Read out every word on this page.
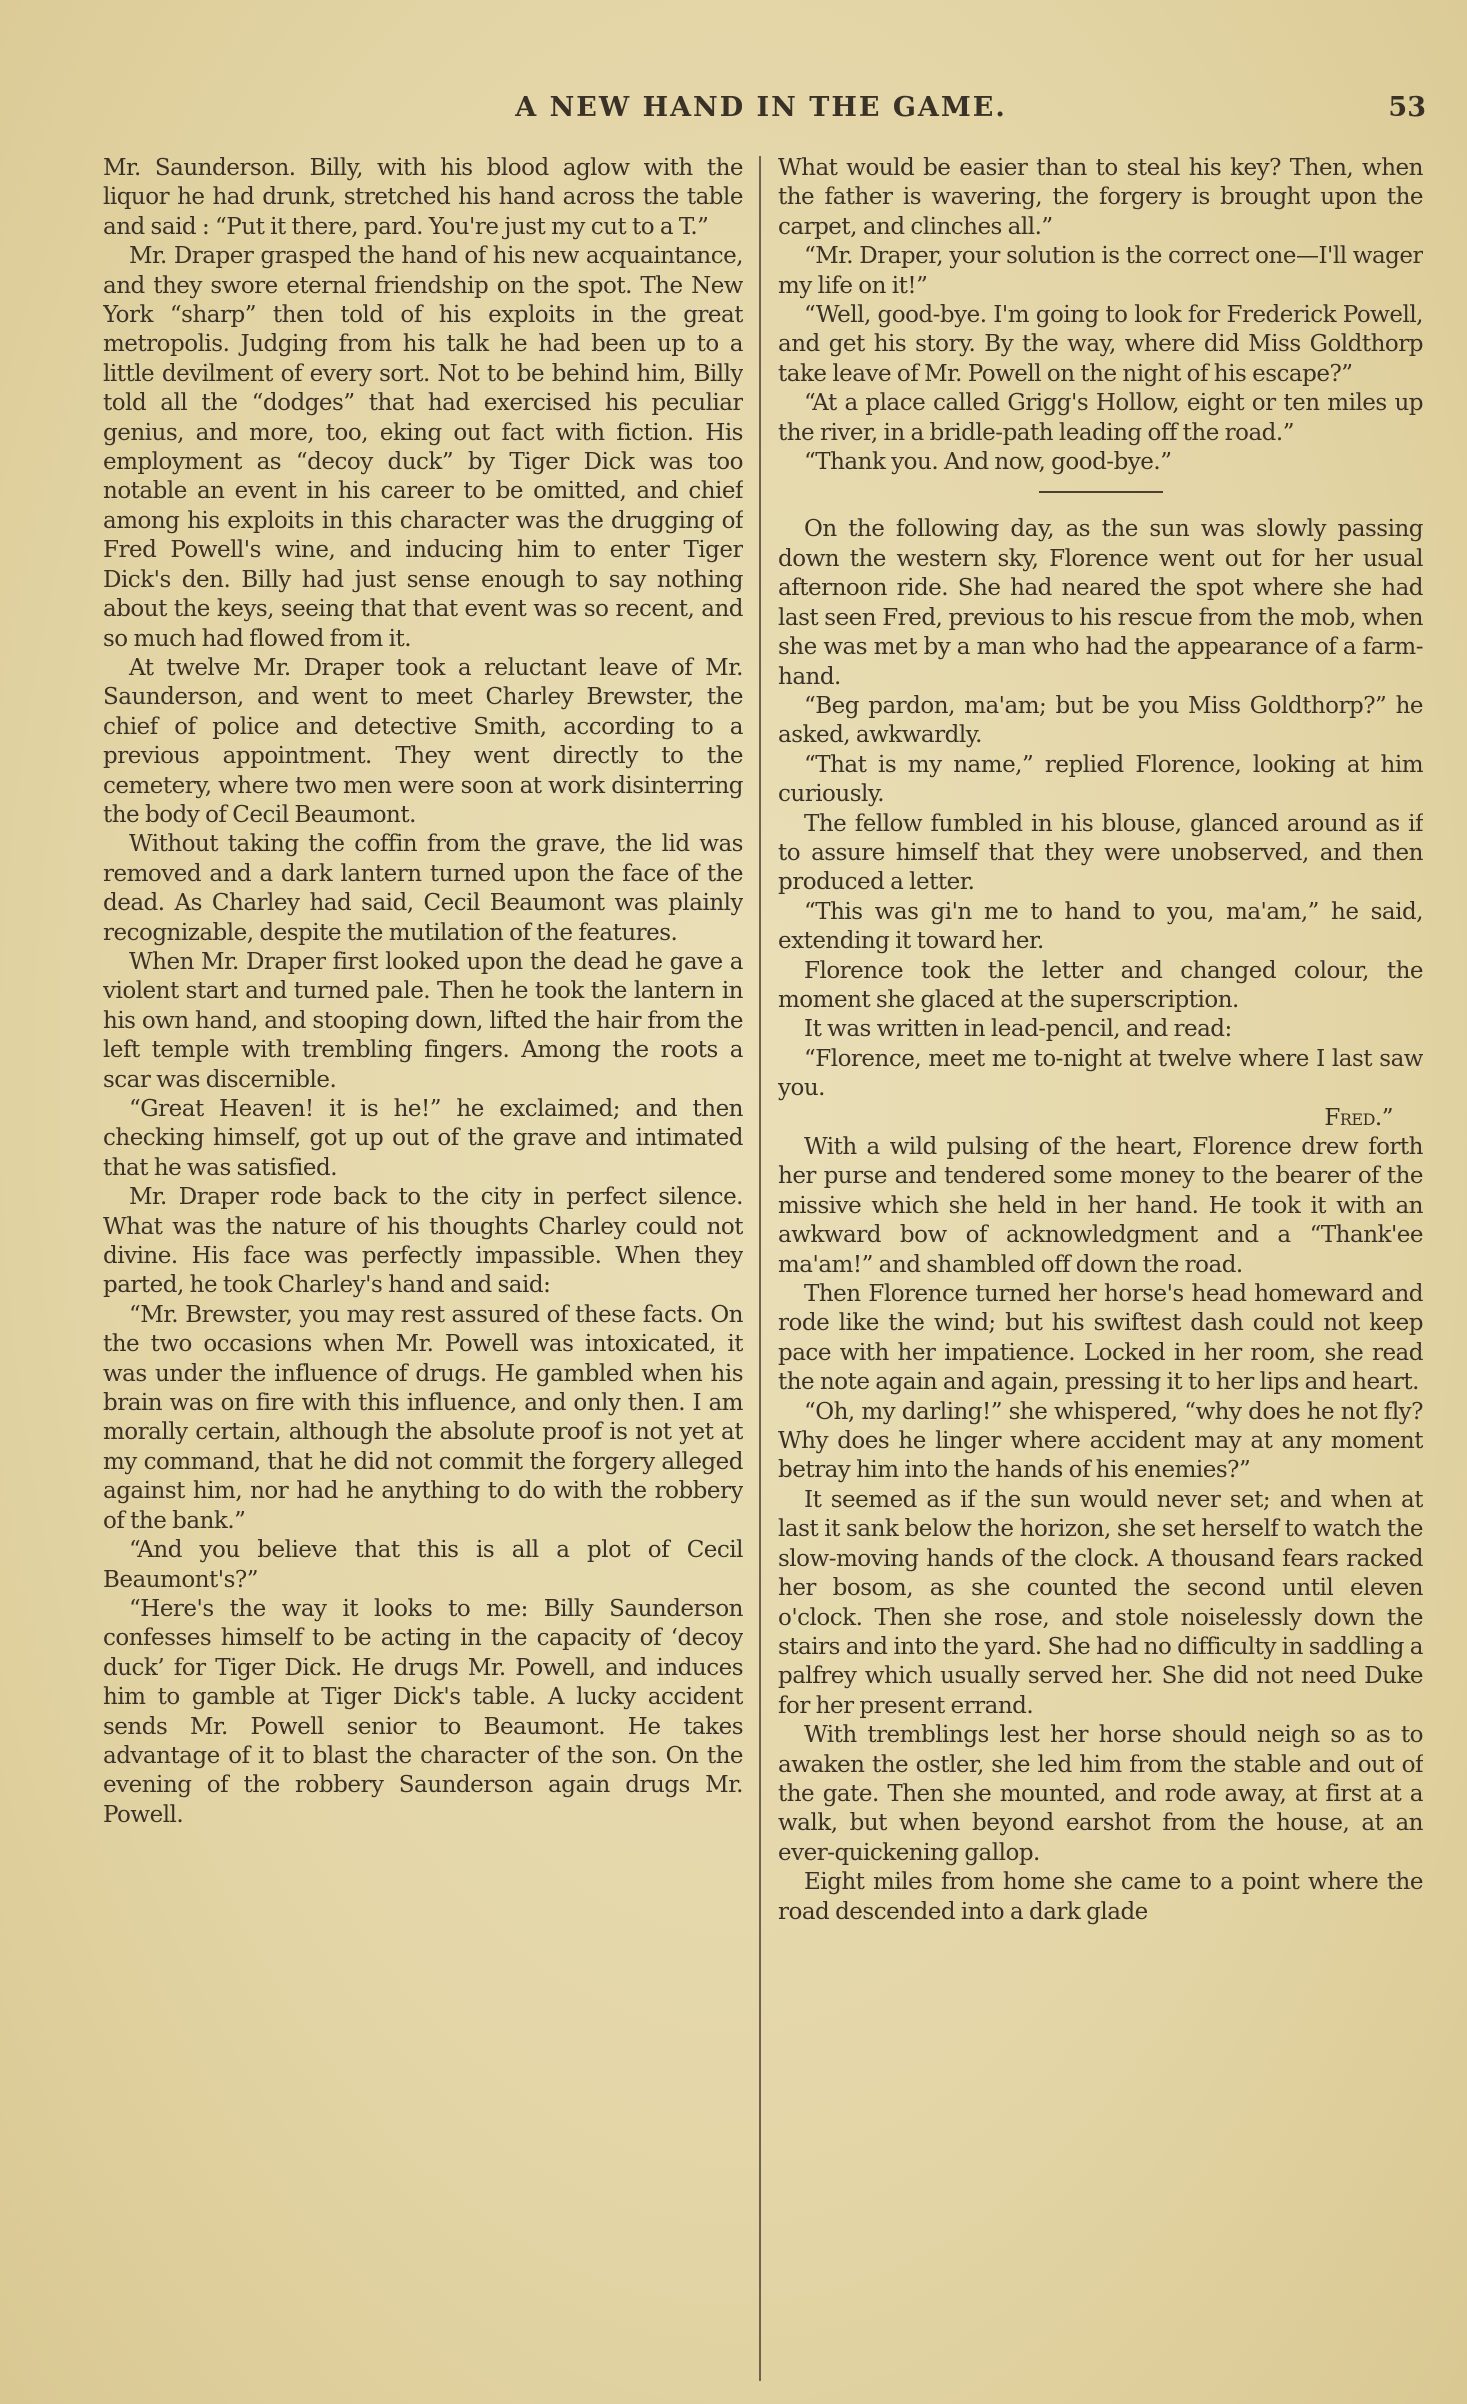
A NEW HAND IN THE GAME.	53

Mr. Saunderson. Billy, with his blood aglow with the liquor he had drunk, stretched his hand across the table and said : “Put it there, pard. You're just my cut to a T.”

Mr. Draper grasped the hand of his new acquaintance, and they swore eternal friendship on the spot. The New York “sharp” then told of his exploits in the great metropolis. Judging from his talk he had been up to a little devilment of every sort. Not to be behind him, Billy told all the “dodges” that had exercised his peculiar genius, and more, too, eking out fact with fiction. His employment as “decoy duck” by Tiger Dick was too notable an event in his career to be omitted, and chief among his exploits in this character was the drugging of Fred Powell's wine, and inducing him to enter Tiger Dick's den. Billy had just sense enough to say nothing about the keys, seeing that that event was so recent, and so much had flowed from it.

At twelve Mr. Draper took a reluctant leave of Mr. Saunderson, and went to meet Charley Brewster, the chief of police and detective Smith, according to a previous appointment. They went directly to the cemetery, where two men were soon at work disinterring the body of Cecil Beaumont.

Without taking the coffin from the grave, the lid was removed and a dark lantern turned upon the face of the dead. As Charley had said, Cecil Beaumont was plainly recognizable, despite the mutilation of the features.

When Mr. Draper first looked upon the dead he gave a violent start and turned pale. Then he took the lantern in his own hand, and stooping down, lifted the hair from the left temple with trembling fingers. Among the roots a scar was discernible.

“Great Heaven! it is he!” he exclaimed; and then checking himself, got up out of the grave and intimated that he was satisfied.

Mr. Draper rode back to the city in perfect silence. What was the nature of his thoughts Charley could not divine. His face was perfectly impassible. When they parted, he took Charley's hand and said:

“Mr. Brewster, you may rest assured of these facts. On the two occasions when Mr. Powell was intoxicated, it was under the influence of drugs. He gambled when his brain was on fire with this influence, and only then. I am morally certain, although the absolute proof is not yet at my command, that he did not commit the forgery alleged against him, nor had he anything to do with the robbery of the bank.”

“And you believe that this is all a plot of Cecil Beaumont's?”

“Here's the way it looks to me: Billy Saunderson confesses himself to be acting in the capacity of ‘decoy duck’ for Tiger Dick. He drugs Mr. Powell, and induces him to gamble at Tiger Dick's table. A lucky accident sends Mr. Powell senior to Beaumont. He takes advantage of it to blast the character of the son. On the evening of the robbery Saunderson again drugs Mr. Powell.

What would be easier than to steal his key? Then, when the father is wavering, the forgery is brought upon the carpet, and clinches all.”

“Mr. Draper, your solution is the correct one—I'll wager my life on it!”

“Well, good-bye. I'm going to look for Frederick Powell, and get his story. By the way, where did Miss Goldthorp take leave of Mr. Powell on the night of his escape?”

“At a place called Grigg's Hollow, eight or ten miles up the river, in a bridle-path leading off the road.”

“Thank you. And now, good-bye.”

On the following day, as the sun was slowly passing down the western sky, Florence went out for her usual afternoon ride. She had neared the spot where she had last seen Fred, previous to his rescue from the mob, when she was met by a man who had the appearance of a farm-hand.

“Beg pardon, ma'am; but be you Miss Goldthorp?” he asked, awkwardly.

“That is my name,” replied Florence, looking at him curiously.

The fellow fumbled in his blouse, glanced around as if to assure himself that they were unobserved, and then produced a letter.

“This was gi'n me to hand to you, ma'am,” he said, extending it toward her.

Florence took the letter and changed colour, the moment she glaced at the superscription.

It was written in lead-pencil, and read:

“Florence, meet me to-night at twelve where I last saw you.
Fred.”

With a wild pulsing of the heart, Florence drew forth her purse and tendered some money to the bearer of the missive which she held in her hand. He took it with an awkward bow of acknowledgment and a “Thank'ee ma'am!” and shambled off down the road.

Then Florence turned her horse's head homeward and rode like the wind; but his swiftest dash could not keep pace with her impatience. Locked in her room, she read the note again and again, pressing it to her lips and heart.

“Oh, my darling!” she whispered, “why does he not fly? Why does he linger where accident may at any moment betray him into the hands of his enemies?”

It seemed as if the sun would never set; and when at last it sank below the horizon, she set herself to watch the slow-moving hands of the clock. A thousand fears racked her bosom, as she counted the second until eleven o'clock. Then she rose, and stole noiselessly down the stairs and into the yard. She had no difficulty in saddling a palfrey which usually served her. She did not need Duke for her present errand.

With tremblings lest her horse should neigh so as to awaken the ostler, she led him from the stable and out of the gate. Then she mounted, and rode away, at first at a walk, but when beyond earshot from the house, at an ever-quickening gallop.

Eight miles from home she came to a point where the road descended into a dark glade
